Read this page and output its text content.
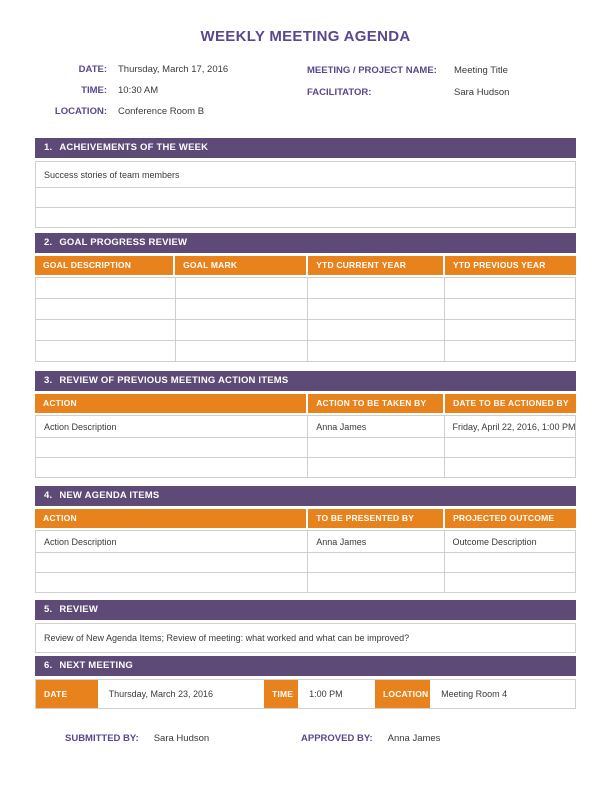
WEEKLY MEETING AGENDA
DATE: Thursday, March 17, 2016
TIME: 10:30 AM
LOCATION: Conference Room B
MEETING / PROJECT NAME:	Meeting Title
FACILITATOR:	Sara Hudson
1. ACHEIVEMENTS OF THE WEEK
Success stories of team members
2. GOAL PROGRESS REVIEW
GOAL DESCRIPTION	GOAL MARK	YTD CURRENT YEAR	YTD PREVIOUS YEAR
3. REVIEW OF PREVIOUS MEETING ACTION ITEMS
ACTION	ACTION TO BE TAKEN BY	DATE TO BE ACTIONED BY
Action Description	Anna James	Friday, April 22, 2016, 1:00 PM
4. NEW AGENDA ITEMS
ACTION	TO BE PRESENTED BY	PROJECTED OUTCOME
Action Description	Anna James	Outcome Description
5. REVIEW
Review of New Agenda Items; Review of meeting: what worked and what can be improved?
6. NEXT MEETING
DATE	Thursday, March 23, 2016	TIME	1:00 PM	LOCATION	Meeting Room 4
SUBMITTED BY: Sara Hudson	APPROVED BY: Anna James
